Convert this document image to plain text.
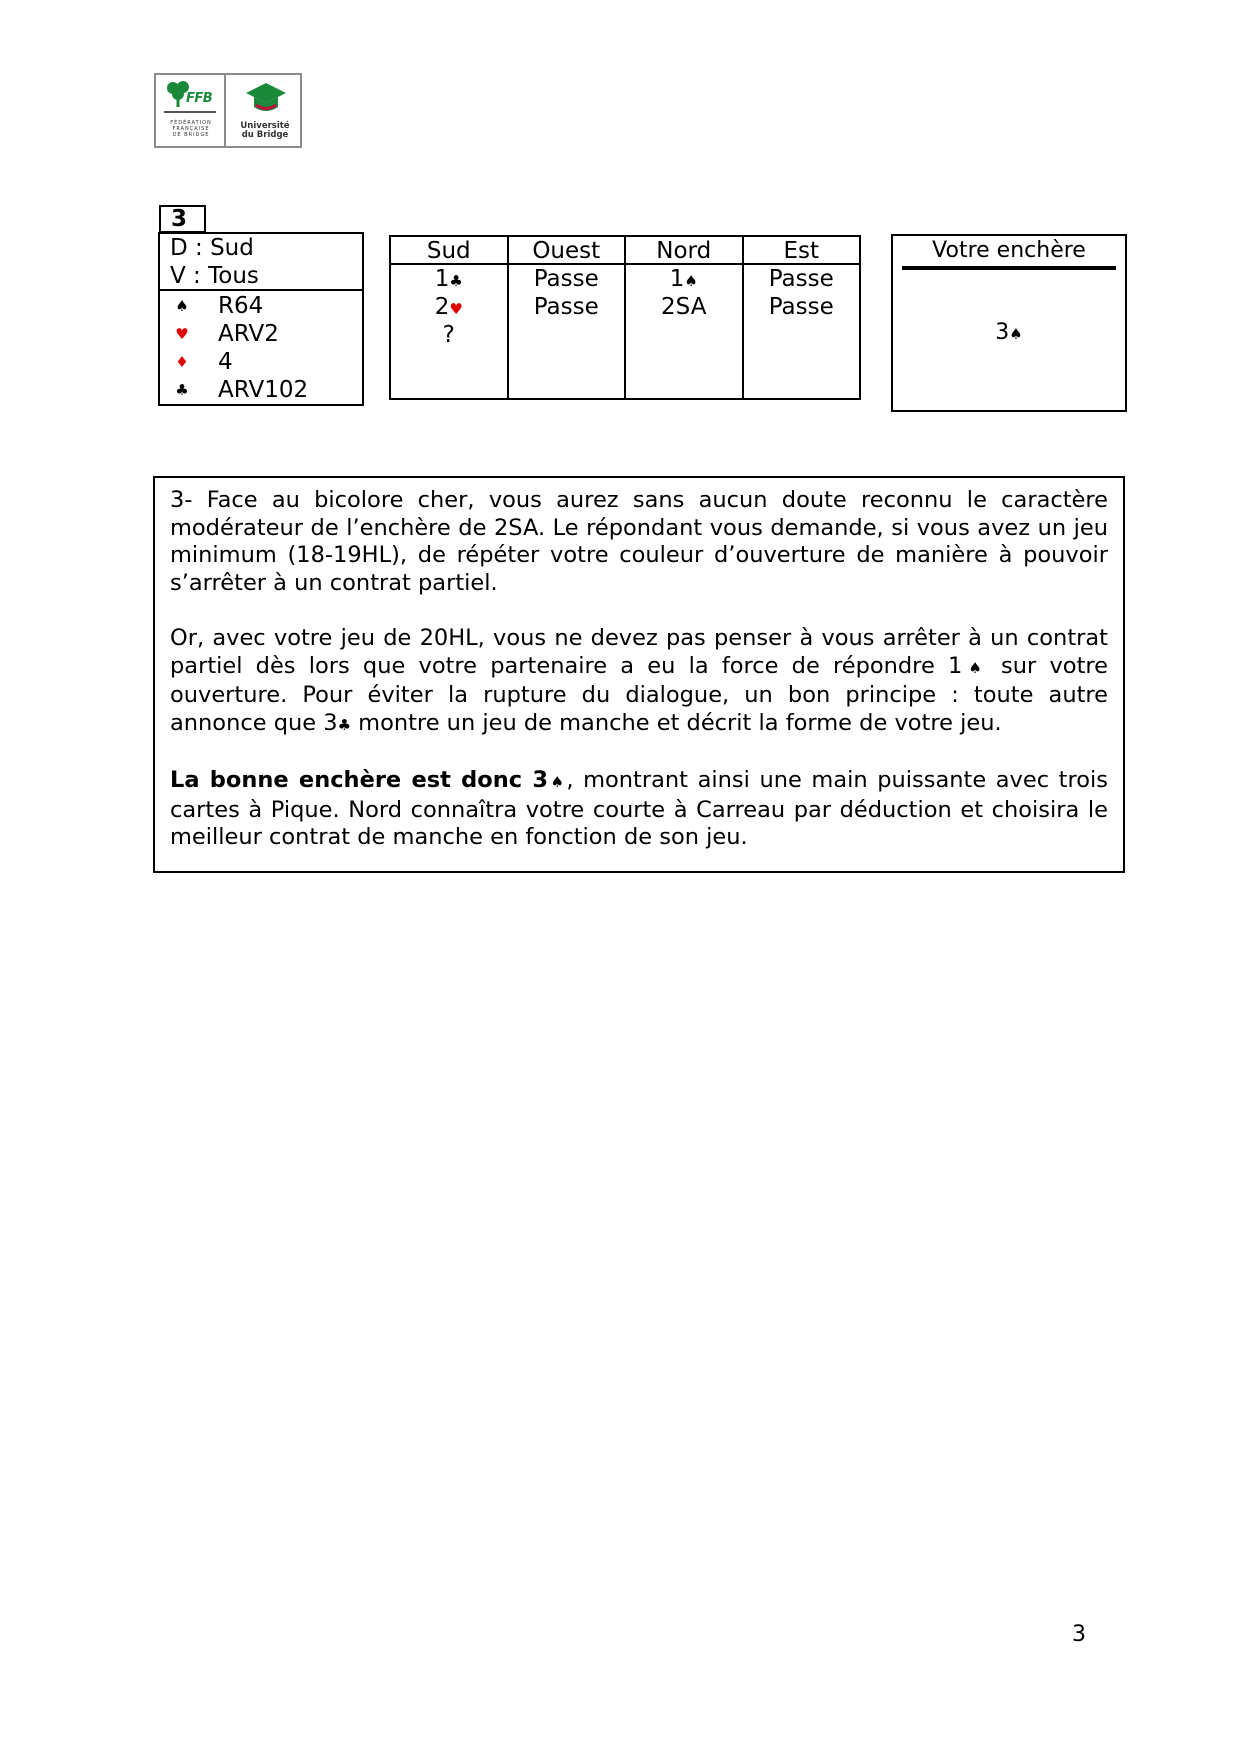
FFB
FÉDÉRATION
FRANÇAISE
DE BRIDGE
Université
du Bridge
3
D : Sud
V : Tous
♠ R64
♥ ARV2
♦ 4
♣ ARV102
Sud
1♣
2♥
?
Ouest
Passe
Passe
Nord
1♠
2SA
Est
Passe
Passe
Votre enchère
3♠

3- Face au bicolore cher, vous aurez sans aucun doute reconnu le caractère modérateur de l’enchère de 2SA. Le répondant vous demande, si vous avez un jeu minimum (18-19HL), de répéter votre couleur d’ouverture de manière à pouvoir s’arrêter à un contrat partiel.

Or, avec votre jeu de 20HL, vous ne devez pas penser à vous arrêter à un contrat partiel dès lors que votre partenaire a eu la force de répondre 1♠ sur votre ouverture. Pour éviter la rupture du dialogue, un bon principe : toute autre annonce que 3♣ montre un jeu de manche et décrit la forme de votre jeu.

La bonne enchère est donc 3♠, montrant ainsi une main puissante avec trois cartes à Pique. Nord connaîtra votre courte à Carreau par déduction et choisira le meilleur contrat de manche en fonction de son jeu.

3
